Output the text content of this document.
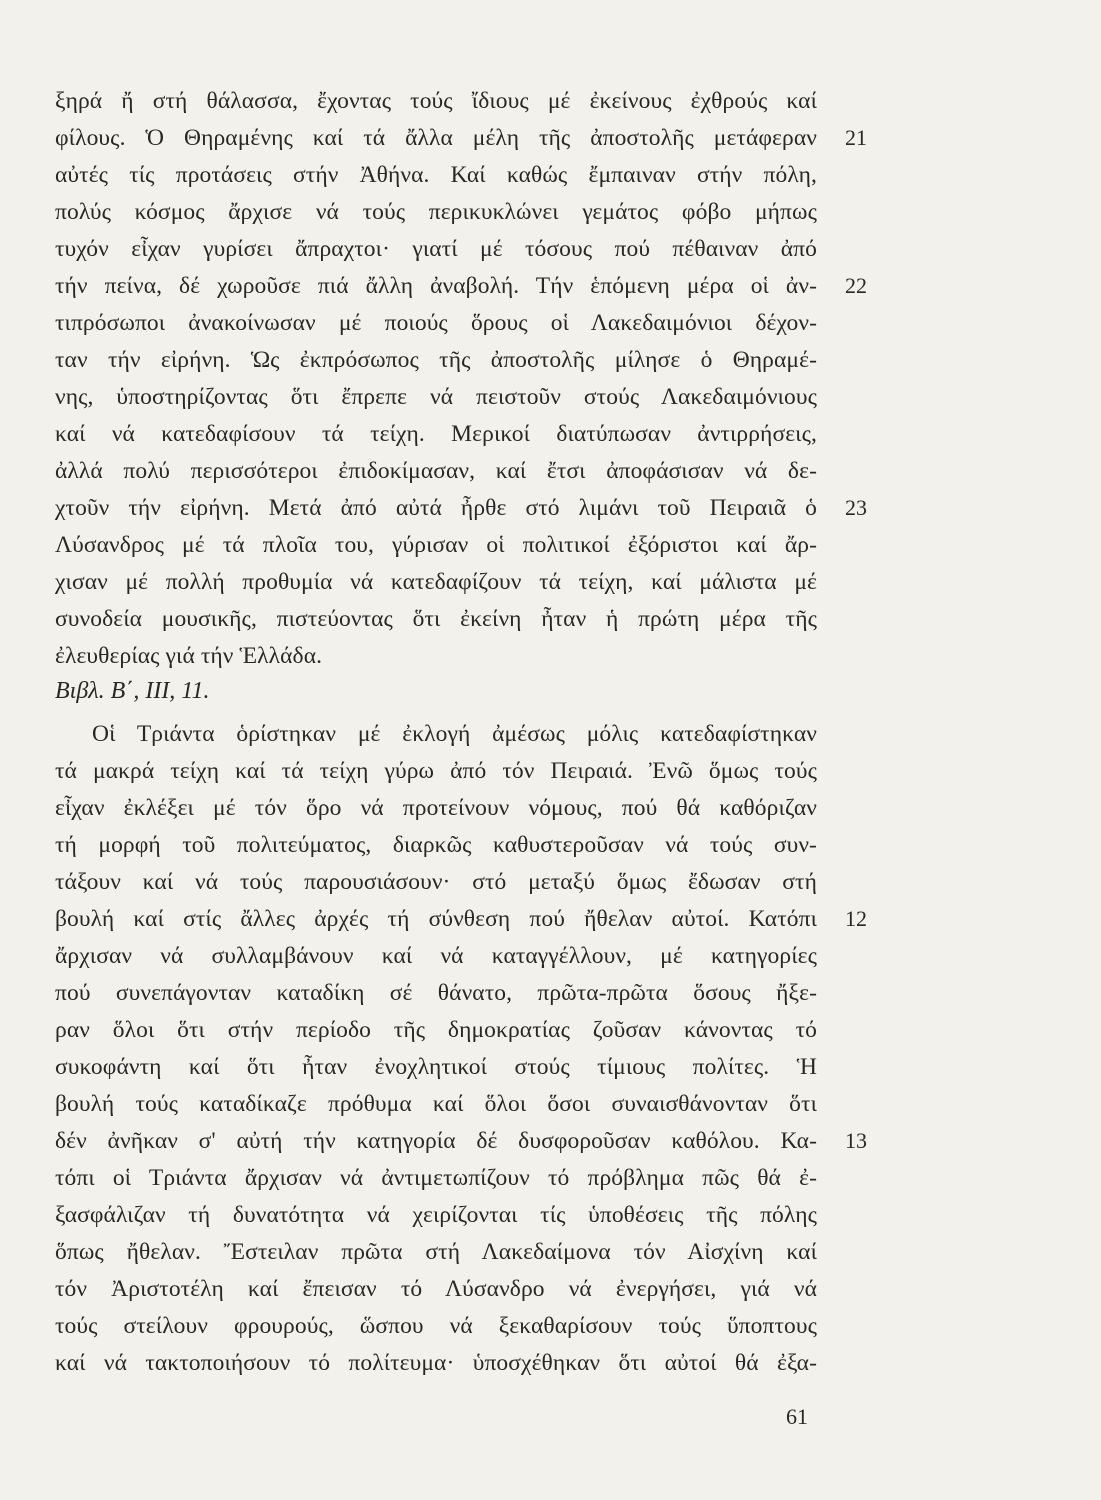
ξηρά ἤ στή θάλασσα, ἔχοντας τούς ἴδιους μέ ἐκείνους ἐχθρούς καί
φίλους. Ὁ Θηραμένης καί τά ἄλλα μέλη τῆς ἀποστολῆς μετάφεραν
αὐτές τίς προτάσεις στήν Ἀθήνα. Καί καθώς ἔμπαιναν στήν πόλη,
πολύς κόσμος ἄρχισε νά τούς περικυκλώνει γεμάτος φόβο μήπως
τυχόν εἶχαν γυρίσει ἄπραχτοι· γιατί μέ τόσους πού πέθαιναν ἀπό
τήν πείνα, δέ χωροῦσε πιά ἄλλη ἀναβολή. Τήν ἑπόμενη μέρα οἱ ἀν-
τιπρόσωποι ἀνακοίνωσαν μέ ποιούς ὅρους οἱ Λακεδαιμόνιοι δέχον-
ταν τήν εἰρήνη. Ὡς ἐκπρόσωπος τῆς ἀποστολῆς μίλησε ὁ Θηραμέ-
νης, ὑποστηρίζοντας ὅτι ἔπρεπε νά πειστοῦν στούς Λακεδαιμόνιους
καί νά κατεδαφίσουν τά τείχη. Μερικοί διατύπωσαν ἀντιρρήσεις,
ἀλλά πολύ περισσότεροι ἐπιδοκίμασαν, καί ἔτσι ἀποφάσισαν νά δε-
χτοῦν τήν εἰρήνη. Μετά ἀπό αὐτά ἦρθε στό λιμάνι τοῦ Πειραιᾶ ὁ
Λύσανδρος μέ τά πλοῖα του, γύρισαν οἱ πολιτικοί ἐξόριστοι καί ἄρ-
χισαν μέ πολλή προθυμία νά κατεδαφίζουν τά τείχη, καί μάλιστα μέ
συνοδεία μουσικῆς, πιστεύοντας ὅτι ἐκείνη ἦταν ἡ πρώτη μέρα τῆς
ἐλευθερίας γιά τήν Ἑλλάδα.
21
22
23
Βιβλ. Β΄, ΙΙΙ, 11.
Οἱ Τριάντα ὁρίστηκαν μέ ἐκλογή ἀμέσως μόλις κατεδαφίστηκαν
τά μακρά τείχη καί τά τείχη γύρω ἀπό τόν Πειραιά. Ἐνῶ ὅμως τούς
εἶχαν ἐκλέξει μέ τόν ὅρο νά προτείνουν νόμους, πού θά καθόριζαν
τή μορφή τοῦ πολιτεύματος, διαρκῶς καθυστεροῦσαν νά τούς συν-
τάξουν καί νά τούς παρουσιάσουν· στό μεταξύ ὅμως ἔδωσαν στή
βουλή καί στίς ἄλλες ἀρχές τή σύνθεση πού ἤθελαν αὐτοί. Κατόπι
ἄρχισαν νά συλλαμβάνουν καί νά καταγγέλλουν, μέ κατηγορίες
πού συνεπάγονταν καταδίκη σέ θάνατο, πρῶτα-πρῶτα ὅσους ἤξε-
ραν ὅλοι ὅτι στήν περίοδο τῆς δημοκρατίας ζοῦσαν κάνοντας τό
συκοφάντη καί ὅτι ἦταν ἐνοχλητικοί στούς τίμιους πολίτες. Ἡ
βουλή τούς καταδίκαζε πρόθυμα καί ὅλοι ὅσοι συναισθάνονταν ὅτι
δέν ἀνῆκαν σ' αὐτή τήν κατηγορία δέ δυσφοροῦσαν καθόλου. Κα-
τόπι οἱ Τριάντα ἄρχισαν νά ἀντιμετωπίζουν τό πρόβλημα πῶς θά ἐ-
ξασφάλιζαν τή δυνατότητα νά χειρίζονται τίς ὑποθέσεις τῆς πόλης
ὅπως ἤθελαν. Ἔστειλαν πρῶτα στή Λακεδαίμονα τόν Αἰσχίνη καί
τόν Ἀριστοτέλη καί ἔπεισαν τό Λύσανδρο νά ἐνεργήσει, γιά νά
τούς στείλουν φρουρούς, ὥσπου νά ξεκαθαρίσουν τούς ὕποπτους
καί νά τακτοποιήσουν τό πολίτευμα· ὑποσχέθηκαν ὅτι αὐτοί θά ἐξα-
12
13
61
